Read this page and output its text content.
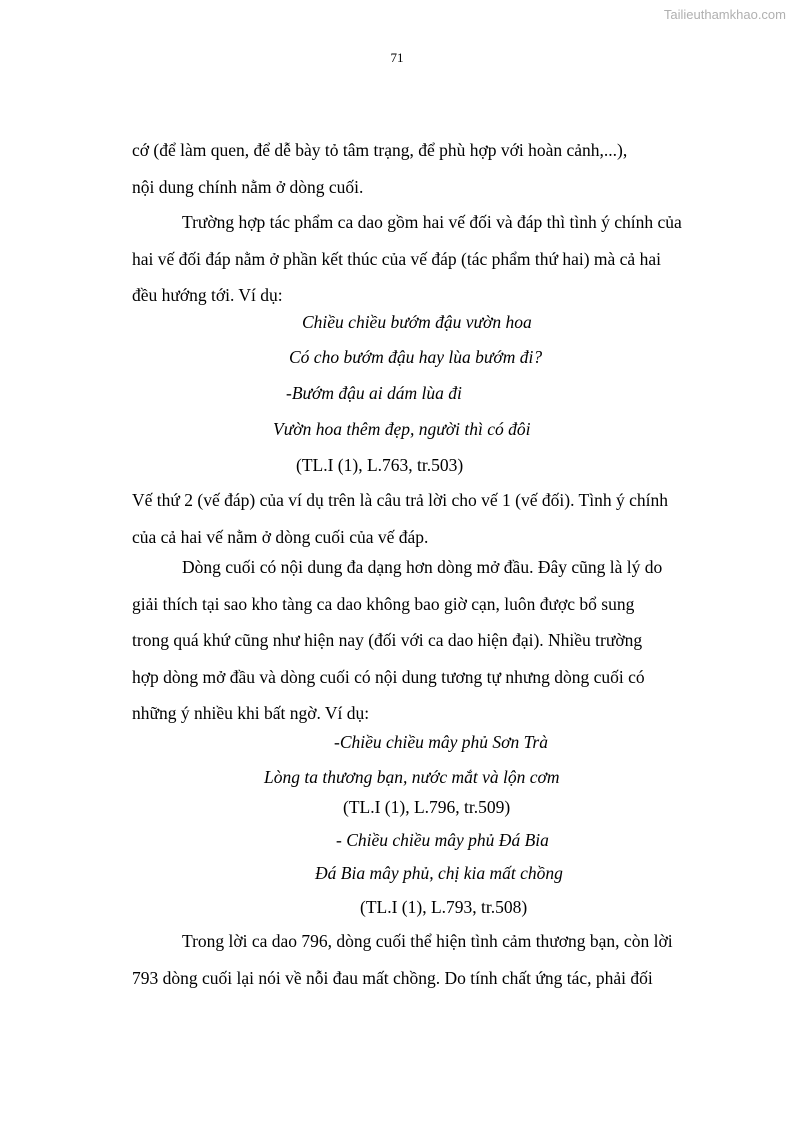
Tailieuthamkhao.com
71

cớ (để làm quen, để dễ bày tỏ tâm trạng, để phù hợp với hoàn cảnh,...),

nội dung chính nằm ở dòng cuối.

Trường hợp tác phẩm ca dao gồm hai vế đối và đáp thì tình ý chính của

hai vế đối đáp nằm ở phần kết thúc của vế đáp (tác phẩm thứ hai) mà cả hai

đều hướng tới. Ví dụ:

Chiều chiều bướm đậu vườn hoa
Có cho bướm đậu hay lùa bướm đi?
-Bướm đậu ai dám lùa đi
Vườn hoa thêm đẹp, người thì có đôi
(TL.I (1), L.763, tr.503)

Vế thứ 2 (vế đáp) của ví dụ trên là câu trả lời cho vế 1 (vế đối). Tình ý chính

của cả hai vế nằm ở dòng cuối của vế đáp.

Dòng cuối có nội dung đa dạng hơn dòng mở đầu. Đây cũng là lý do

giải thích tại sao kho tàng ca dao không bao giờ cạn, luôn được bổ sung

trong quá khứ cũng như hiện nay (đối với ca dao hiện đại). Nhiều trường

hợp dòng mở đầu và dòng cuối có nội dung tương tự nhưng dòng cuối có

những ý nhiều khi bất ngờ. Ví dụ:

-Chiều chiều mây phủ Sơn Trà
Lòng ta thương bạn, nước mắt và lộn cơm
(TL.I (1), L.796, tr.509)
- Chiều chiều mây phủ Đá Bia
Đá Bia mây phủ, chị kia mất chồng
(TL.I (1), L.793, tr.508)

Trong lời ca dao 796, dòng cuối thể hiện tình cảm thương bạn, còn lời

793 dòng cuối lại nói về nỗi đau mất chồng. Do tính chất ứng tác, phải đối
